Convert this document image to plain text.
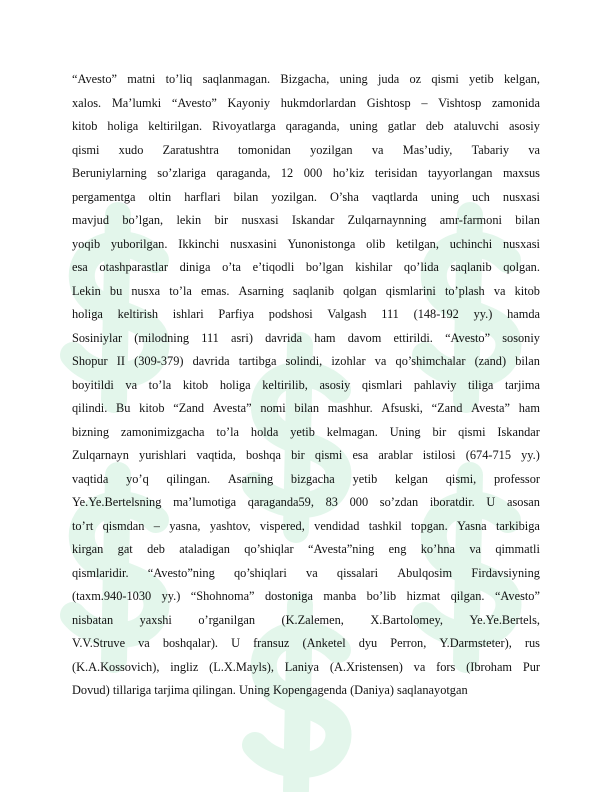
“Avesto” matni to’liq saqlanmagan. Bizgacha, uning juda oz qismi yetib kelgan,
xalos. Ma’lumki “Avesto” Kayoniy hukmdorlardan Gishtosp – Vishtosp zamonida
kitob holiga keltirilgan. Rivoyatlarga qaraganda, uning gatlar deb ataluvchi asosiy
qismi xudo Zaratushtra tomonidan yozilgan va Mas’udiy, Tabariy va
Beruniylarning so’zlariga qaraganda, 12 000 ho’kiz terisidan tayyorlangan maxsus
pergamentga oltin harflari bilan yozilgan. O’sha vaqtlarda uning uch nusxasi
mavjud bo’lgan, lekin bir nusxasi Iskandar Zulqarnaynning amr-farmoni bilan
yoqib yuborilgan. Ikkinchi nusxasini Yunonistonga olib ketilgan, uchinchi nusxasi
esa otashparastlar diniga o’ta e’tiqodli bo’lgan kishilar qo’lida saqlanib qolgan.
Lekin bu nusxa to’la emas. Asarning saqlanib qolgan qismlarini to’plash va kitob
holiga keltirish ishlari Parfiya podshosi Valgash 111 (148-192 yy.) hamda
Sosiniylar (milodning 111 asri) davrida ham davom ettirildi. “Avesto” sosoniy
Shopur II (309-379) davrida tartibga solindi, izohlar va qo’shimchalar (zand) bilan
boyitildi va to’la kitob holiga keltirilib, asosiy qismlari pahlaviy tiliga tarjima
qilindi. Bu kitob “Zand Avesta” nomi bilan mashhur. Afsuski, “Zand Avesta” ham
bizning zamonimizgacha to’la holda yetib kelmagan. Uning bir qismi Iskandar
Zulqarnayn yurishlari vaqtida, boshqa bir qismi esa arablar istilosi (674-715 yy.)
vaqtida yo’q qilingan. Asarning bizgacha yetib kelgan qismi, professor
Ye.Ye.Bertelsning ma’lumotiga qaraganda59, 83 000 so’zdan iboratdir. U asosan
to’rt qismdan – yasna, yashtov, vispered, vendidad tashkil topgan. Yasna tarkibiga
kirgan gat deb ataladigan qo’shiqlar “Avesta”ning eng ko’hna va qimmatli
qismlaridir. “Avesto”ning qo’shiqlari va qissalari Abulqosim Firdavsiyning
(taxm.940-1030 yy.) “Shohnoma” dostoniga manba bo’lib hizmat qilgan. “Avesto”
nisbatan yaxshi o’rganilgan (K.Zalemen, X.Bartolomey, Ye.Ye.Bertels,
V.V.Struve va boshqalar). U fransuz (Anketel dyu Perron, Y.Darmsteter), rus
(K.A.Kossovich), ingliz (L.X.Mayls), Laniya (A.Xristensen) va fors (Ibroham Pur
Dovud) tillariga tarjima qilingan. Uning Kopengagenda (Daniya) saqlanayotgan
